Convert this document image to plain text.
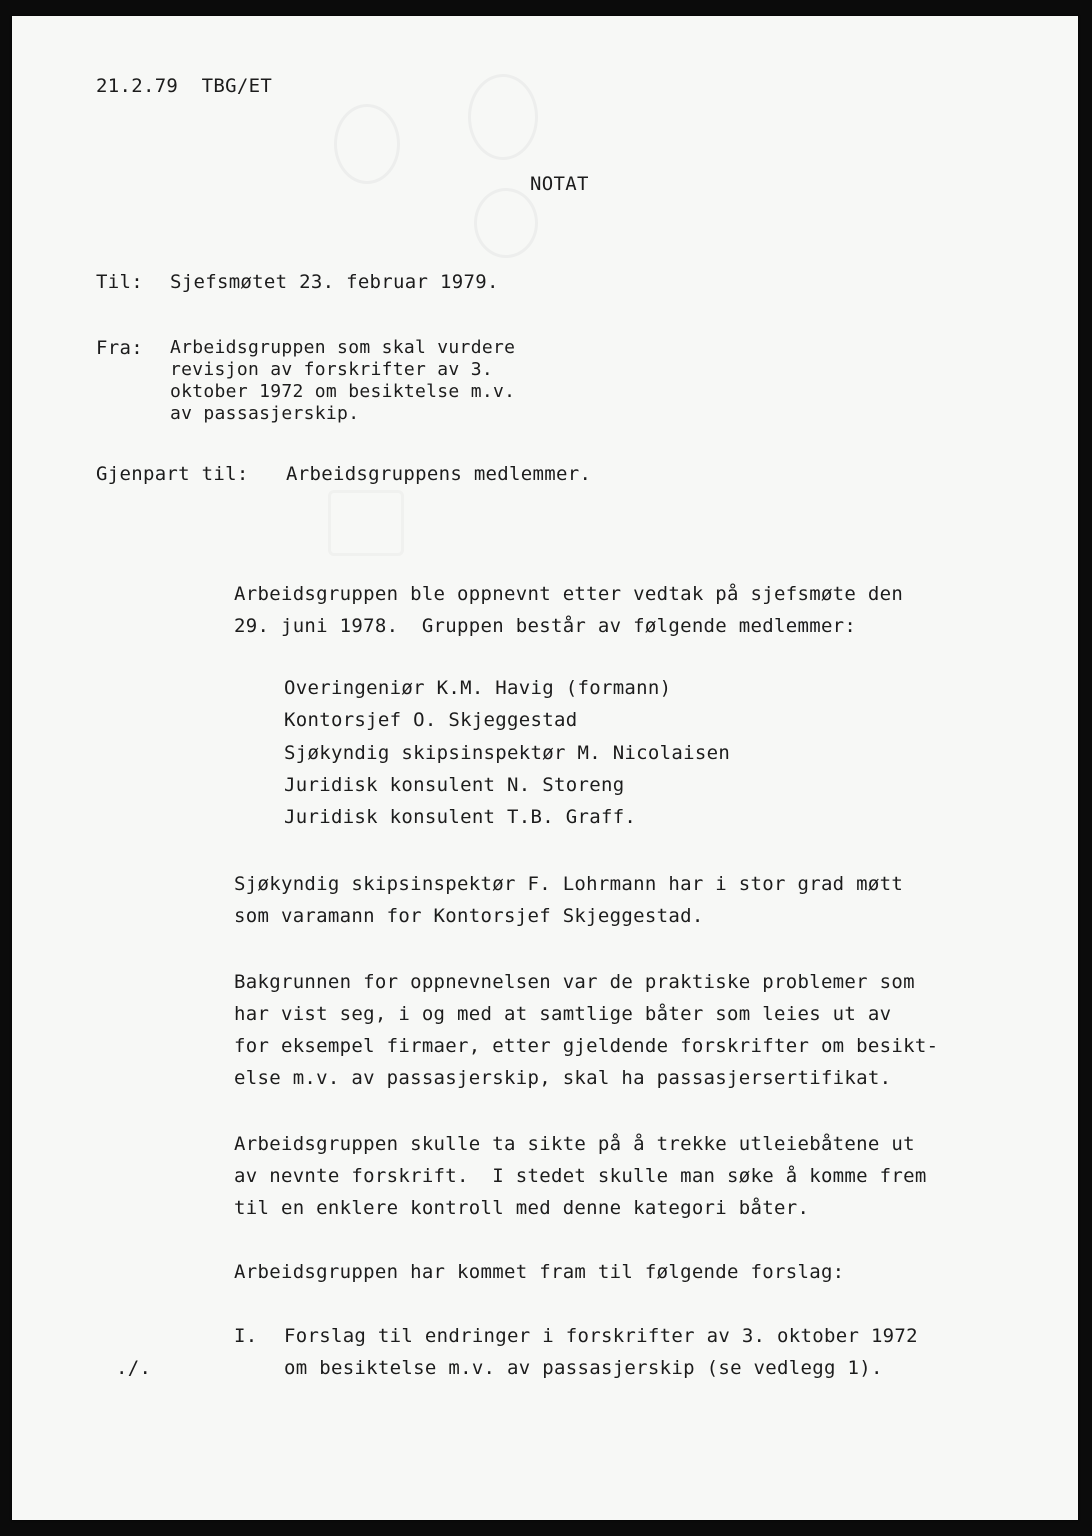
21.2.79  TBG/ET
NOTAT
Til: Sjefsmøtet 23. februar 1979.
Fra: Arbeidsgruppen som skal vurdere
revisjon av forskrifter av 3.
oktober 1972 om besiktelse m.v.
av passasjerskip.
Gjenpart til: Arbeidsgruppens medlemmer.
Arbeidsgruppen ble oppnevnt etter vedtak på sjefsmøte den
29. juni 1978.  Gruppen består av følgende medlemmer:
Overingeniør K.M. Havig (formann)
Kontorsjef O. Skjeggestad
Sjøkyndig skipsinspektør M. Nicolaisen
Juridisk konsulent N. Storeng
Juridisk konsulent T.B. Graff.
Sjøkyndig skipsinspektør F. Lohrmann har i stor grad møtt
som varamann for Kontorsjef Skjeggestad.
Bakgrunnen for oppnevnelsen var de praktiske problemer som
har vist seg, i og med at samtlige båter som leies ut av
for eksempel firmaer, etter gjeldende forskrifter om besikt-
else m.v. av passasjerskip, skal ha passasjersertifikat.
Arbeidsgruppen skulle ta sikte på å trekke utleiebåtene ut
av nevnte forskrift.  I stedet skulle man søke å komme frem
til en enklere kontroll med denne kategori båter.
Arbeidsgruppen har kommet fram til følgende forslag:
I. Forslag til endringer i forskrifter av 3. oktober 1972
./.	om besiktelse m.v. av passasjerskip (se vedlegg 1).
